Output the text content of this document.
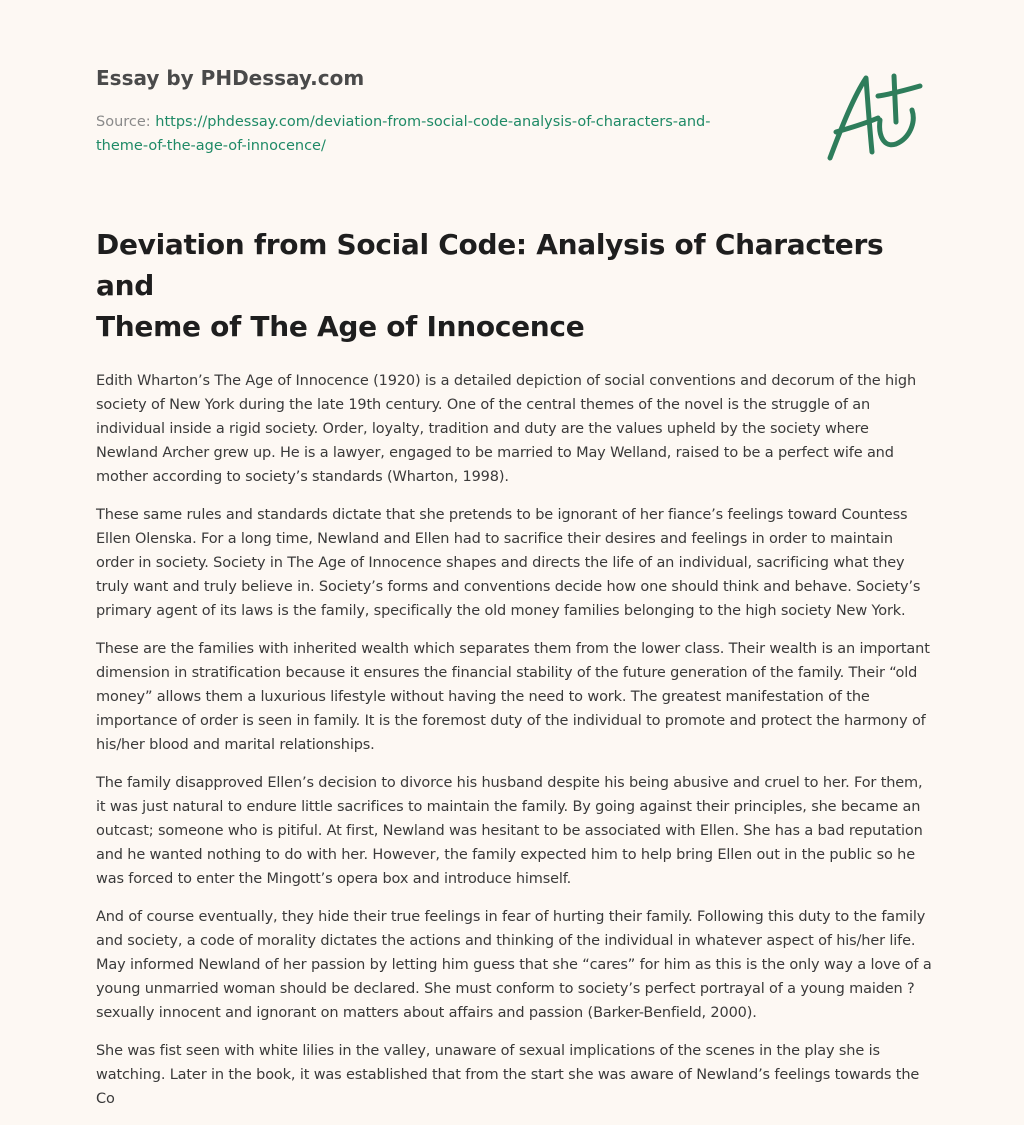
Essay by PHDessay.com
Source: https://phdessay.com/deviation-from-social-code-analysis-of-characters-and-
theme-of-the-age-of-innocence/
Deviation from Social Code: Analysis of Characters and
Theme of The Age of Innocence

Edith Wharton’s The Age of Innocence (1920) is a detailed depiction of social conventions and decorum of the high society of New York during the late 19th century. One of the central themes of the novel is the struggle of an individual inside a rigid society. Order, loyalty, tradition and duty are the values upheld by the society where Newland Archer grew up. He is a lawyer, engaged to be married to May Welland, raised to be a perfect wife and mother according to society’s standards (Wharton, 1998).

These same rules and standards dictate that she pretends to be ignorant of her fiance’s feelings toward Countess Ellen Olenska. For a long time, Newland and Ellen had to sacrifice their desires and feelings in order to maintain order in society. Society in The Age of Innocence shapes and directs the life of an individual, sacrificing what they truly want and truly believe in. Society’s forms and conventions decide how one should think and behave. Society’s primary agent of its laws is the family, specifically the old money families belonging to the high society New York.

These are the families with inherited wealth which separates them from the lower class. Their wealth is an important dimension in stratification because it ensures the financial stability of the future generation of the family. Their “old money” allows them a luxurious lifestyle without having the need to work. The greatest manifestation of the importance of order is seen in family. It is the foremost duty of the individual to promote and protect the harmony of his/her blood and marital relationships.

The family disapproved Ellen’s decision to divorce his husband despite his being abusive and cruel to her. For them, it was just natural to endure little sacrifices to maintain the family. By going against their principles, she became an outcast; someone who is pitiful. At first, Newland was hesitant to be associated with Ellen. She has a bad reputation and he wanted nothing to do with her. However, the family expected him to help bring Ellen out in the public so he was forced to enter the Mingott’s opera box and introduce himself.

And of course eventually, they hide their true feelings in fear of hurting their family. Following this duty to the family and society, a code of morality dictates the actions and thinking of the individual in whatever aspect of his/her life. May informed Newland of her passion by letting him guess that she “cares” for him as this is the only way a love of a young unmarried woman should be declared. She must conform to society’s perfect portrayal of a young maiden ? sexually innocent and ignorant on matters about affairs and passion (Barker-Benfield, 2000).

She was fist seen with white lilies in the valley, unaware of sexual implications of the scenes in the play she is watching. Later in the book, it was established that from the start she was aware of Newland’s feelings towards the Co
